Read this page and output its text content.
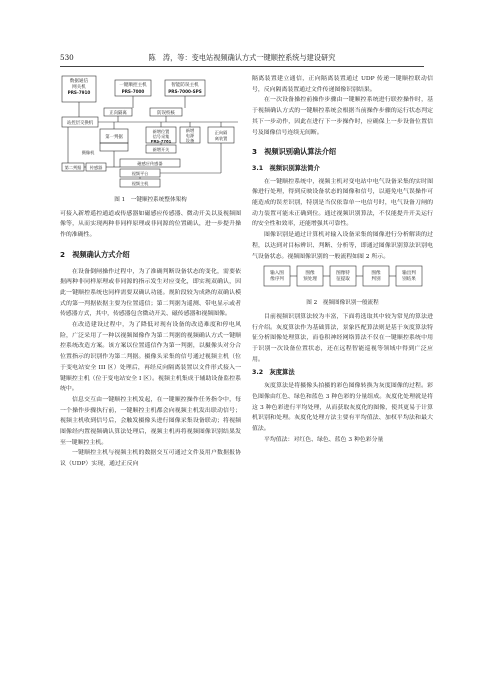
530	陈　涛，等：变电站视频确认方式一键顺控系统与建设研究
数据通信
网关机
PRS-7910
一键顺控主机
PRS-7000
智能防误主机
PRS-7000-SPS
正向隔离	防误校核
站控层交换机
第一判据
新增位置
信号采集
PRS-7761
新增
电源
设备
正向隔
离装置
新增开关
第二判据 传感器
磁感应传感器
视频平台
视频主机
摄像机
图 1　一键顺控系统整体架构

可接入新增遥控通道或传感器如磁感应传感器、微动开关以及视频图像等，从而实现两种非同样原理或非同源的位置确认，进一步提升操作的准确性。

2　视频确认方式介绍

在设备倒闸操作过程中，为了准确判断设备状态的变化，需要依据两种非同样原理或非同源的指示发生对应变化，即实现双确认，因此一键顺控系统也同样需要双确认功能。规阶段较为成熟的双确认模式的第一判据依据主要为位置遥信；第二判据为遥测、带电显示或者传感器方式，其中，传感器包含微动开关、磁传感器和视频图像。

在改造建设过程中，为了降低对现有设备的改造难度和停电风险，广泛采用了一种以视频图像作为第二判据的视频确认方式一键顺控系统改造方案。该方案以位置遥信作为第一判据，以摄像头对分合位置指示的识别作为第二判据。摄像头采集的信号通过视频主机（位于变电站安全 III 区）处理后，再经反向隔离装置以文件形式接入一键顺控主机（位于变电站安全 I 区）。视频主机集成于辅助设备监控系统中。

信息交互由一键顺控主机发起，在一键顺控操作任务指令中，每一个操作步骤执行前，一键顺控主机都会向视频主机发出联动信号；视频主机收到信号后，会触发摄像头进行图像采集设备联动；将视频图像经内置视频确认算法处理后，视频主机再将视频图像识别结果发至一键顺控主机。

一键顺控主机与视频主机的数据交互可通过文件及用户数据报协议（UDP）实现，通过正反向

隔离装置建立通信，正向隔离装置通过 UDP 传递一键顺控联动信号，反向隔离装置通过文件传递图像识别结果。

在一次设备操控前操作步骤由一键顺控系统进行联控操作时，基于视频确认方式的一键顺控系统会根据当前操作步骤的运行状态判定其下一步动作，因此在进行下一步操作时，应确保上一步设备位置信号及图像信号连续无间断。

3　视频识别确认算法介绍
3.1　视频识别算法简介

在一键顺控系统中，视频主机对变电站中电气设备采集的实时图像进行处理，得到反映设备状态的图像和信号，以避免电气误操作可能造成的误差识别，特别是当仅依靠单一电信号时，电气设备刀闸的动力装置可能未正确到位。通过视频识别算法，不仅能提升开关运行的安全性和效率，还能增强其可靠性。

图像识别是通过计算机对输入设备采集的图像进行分析解读的过程，以达到对目标辨识、判断、分析等，即通过图像识别算法识别电气设备状态。视频图像识别的一般流程如图 2 所示。

输入图
像序列
图像
预处理
图像特
征提取
图像
判别
输出判
别结果
图 2　视频图像识别一般流程

目前视频识别算法较为丰富，下面将选取其中较为常见的算法进行介绍。灰度算法作为基础算法，景象匹配算法则是基于灰度算法特征分析图像处理算法，而卷积神经网络算法不仅在一键顺控系统中用于识别一次设备位置状态，还在远程智能巡视等领域中得到广泛应用。

3.2　灰度算法

灰度算法是将摄像头拍摄的彩色图像转换为灰度图像的过程。彩色图像由红色、绿色和蓝色 3 种色彩的分量组成。灰度化处理就是将这 3 种色彩进行平均处理，从而获取灰度化的图像，使其更易于计算机识别和处理。灰度化处理方法主要有平均值法、加权平均法和最大值法。

平均值法：对红色、绿色、蓝色 3 种色彩分量
